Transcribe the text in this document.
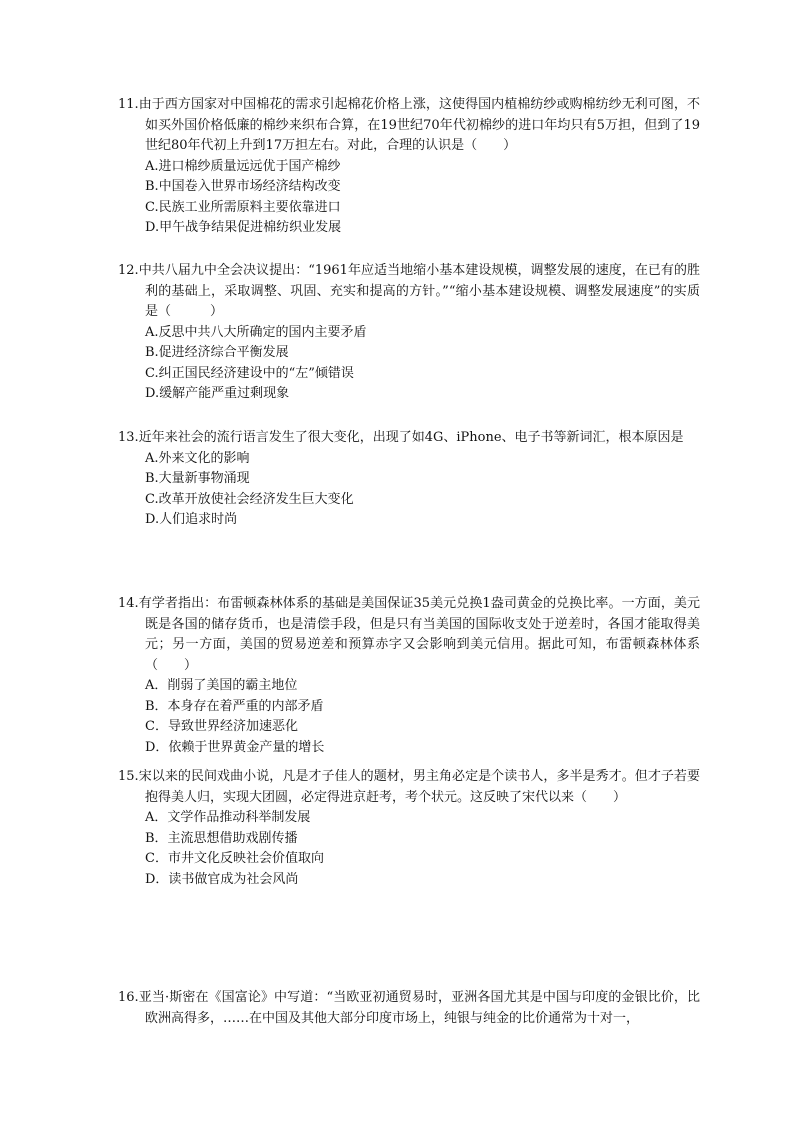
11.由于西方国家对中国棉花的需求引起棉花价格上涨，这使得国内植棉纺纱或购棉纺纱无利可图，不如买外国价格低廉的棉纱来织布合算，在19世纪70年代初棉纱的进口年均只有5万担，但到了19世纪80年代初上升到17万担左右。对此，合理的认识是（　　）
A.进口棉纱质量远远优于国产棉纱
B.中国卷入世界市场经济结构改变
C.民族工业所需原料主要依靠进口
D.甲午战争结果促进棉纺织业发展
12.中共八届九中全会决议提出：“1961年应适当地缩小基本建设规模，调整发展的速度，在已有的胜利的基础上，采取调整、巩固、充实和提高的方针。”“缩小基本建设规模、调整发展速度”的实质是（　　　）
A.反思中共八大所确定的国内主要矛盾
B.促进经济综合平衡发展
C.纠正国民经济建设中的“左”倾错误
D.缓解产能严重过剩现象
13.近年来社会的流行语言发生了很大变化，出现了如4G、iPhone、电子书等新词汇，根本原因是
A.外来文化的影响
B.大量新事物涌现
C.改革开放使社会经济发生巨大变化
D.人们追求时尚
14.有学者指出：布雷顿森林体系的基础是美国保证35美元兑换1盎司黄金的兑换比率。一方面，美元既是各国的储存货币，也是清偿手段，但是只有当美国的国际收支处于逆差时，各国才能取得美元；另一方面，美国的贸易逆差和预算赤字又会影响到美元信用。据此可知，布雷顿森林体系（　　）
A．削弱了美国的霸主地位
B．本身存在着严重的内部矛盾
C．导致世界经济加速恶化
D．依赖于世界黄金产量的增长
15.宋以来的民间戏曲小说，凡是才子佳人的题材，男主角必定是个读书人，多半是秀才。但才子若要抱得美人归，实现大团圆，必定得进京赶考，考个状元。这反映了宋代以来（　　）
A．文学作品推动科举制发展
B．主流思想借助戏剧传播
C．市井文化反映社会价值取向
D．读书做官成为社会风尚
16.亚当·斯密在《国富论》中写道：“当欧亚初通贸易时，亚洲各国尤其是中国与印度的金银比价，比欧洲高得多，……在中国及其他大部分印度市场上，纯银与纯金的比价通常为十对一，
